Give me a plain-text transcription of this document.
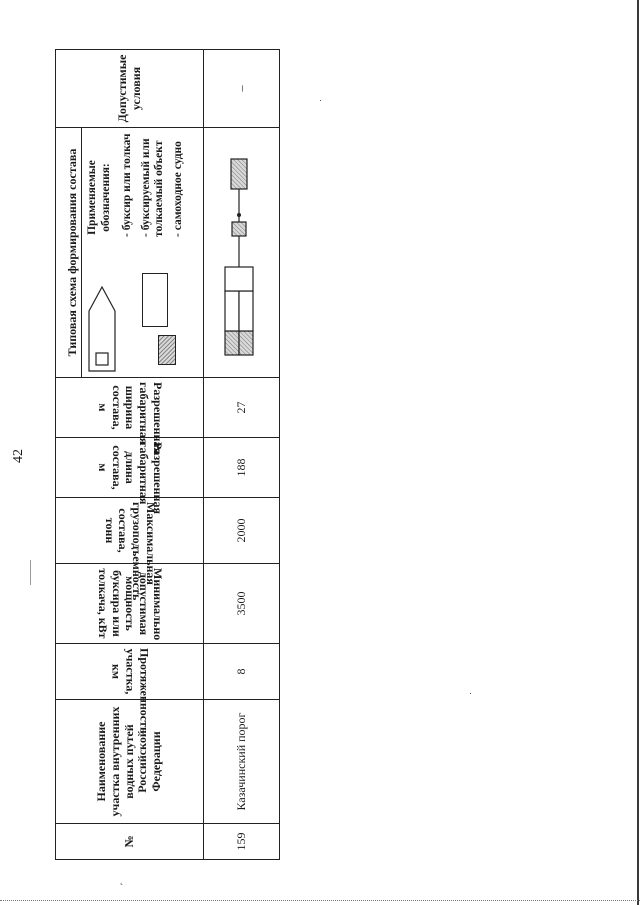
42
˛
№	Наименование участка внутренних водных путей Российской Федерации	Протяженность участка, км	Минимально допустимая мощность буксира или толкача, кВт	Максимальная грузоподъемность состава, тонн	Разрешенная габаритная длина состава, м	Разрешенная габаритная ширина состава, м	Типовая схема формирования состава Применяемые обозначения: - буксир или толкач - буксируемый или толкаемый объект - самоходное судно	Допустимые условия
159	Казачинский порог	8	3500	2000	188	27		–
